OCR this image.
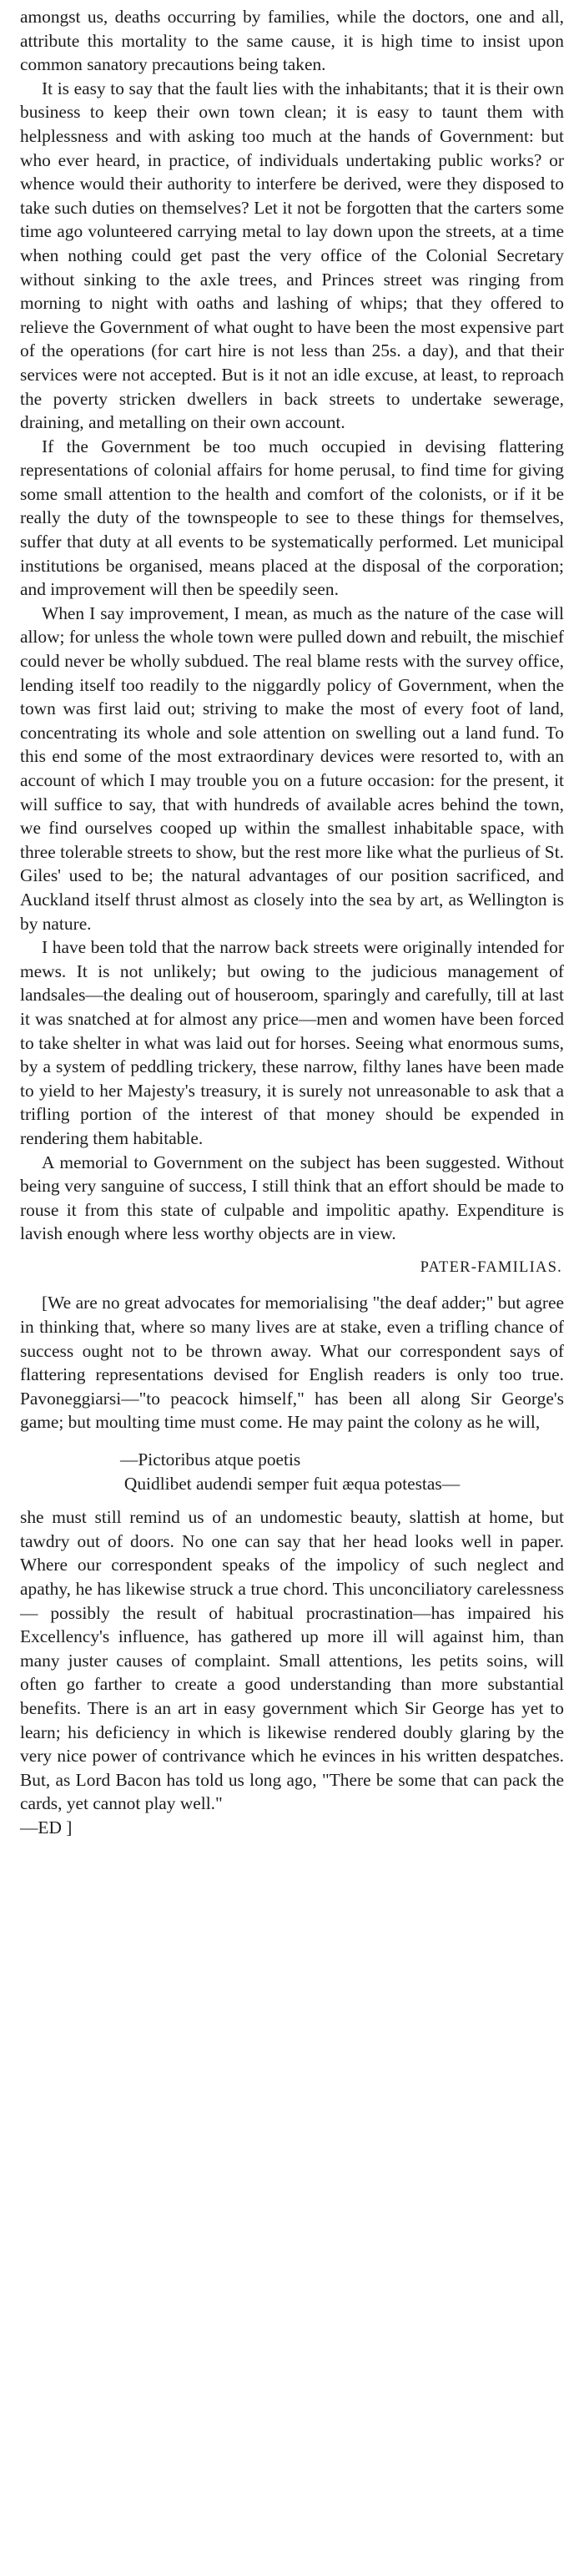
amongst us, deaths occurring by families, while the doctors, one and all, attribute this mortality to the same cause, it is high time to insist upon common sanatory precautions being taken.

It is easy to say that the fault lies with the inhabitants; that it is their own business to keep their own town clean; it is easy to taunt them with helplessness and with asking too much at the hands of Government: but who ever heard, in practice, of individuals undertaking public works? or whence would their authority to interfere be derived, were they disposed to take such duties on themselves? Let it not be forgotten that the carters some time ago volunteered carrying metal to lay down upon the streets, at a time when nothing could get past the very office of the Colonial Secretary without sinking to the axle trees, and Princes street was ringing from morning to night with oaths and lashing of whips; that they offered to relieve the Government of what ought to have been the most expensive part of the operations (for cart hire is not less than 25s. a day), and that their services were not accepted. But is it not an idle excuse, at least, to reproach the poverty stricken dwellers in back streets to undertake sewerage, draining, and metalling on their own account.

If the Government be too much occupied in devising flattering representations of colonial affairs for home perusal, to find time for giving some small attention to the health and comfort of the colonists, or if it be really the duty of the townspeople to see to these things for themselves, suffer that duty at all events to be systematically performed. Let municipal institutions be organised, means placed at the disposal of the corporation; and improvement will then be speedily seen.

When I say improvement, I mean, as much as the nature of the case will allow; for unless the whole town were pulled down and rebuilt, the mischief could never be wholly subdued. The real blame rests with the survey office, lending itself too readily to the niggardly policy of Government, when the town was first laid out; striving to make the most of every foot of land, concentrating its whole and sole attention on swelling out a land fund. To this end some of the most extraordinary devices were resorted to, with an account of which I may trouble you on a future occasion: for the present, it will suffice to say, that with hundreds of available acres behind the town, we find ourselves cooped up within the smallest inhabitable space, with three tolerable streets to show, but the rest more like what the purlieus of St. Giles' used to be; the natural advantages of our position sacrificed, and Auckland itself thrust almost as closely into the sea by art, as Wellington is by nature.

I have been told that the narrow back streets were originally intended for mews. It is not unlikely; but owing to the judicious management of landsales—the dealing out of houseroom, sparingly and carefully, till at last it was snatched at for almost any price—men and women have been forced to take shelter in what was laid out for horses. Seeing what enormous sums, by a system of peddling trickery, these narrow, filthy lanes have been made to yield to her Majesty's treasury, it is surely not unreasonable to ask that a trifling portion of the interest of that money should be expended in rendering them habitable.

A memorial to Government on the subject has been suggested. Without being very sanguine of success, I still think that an effort should be made to rouse it from this state of culpable and impolitic apathy. Expenditure is lavish enough where less worthy objects are in view.

PATER-FAMILIAS.

[We are no great advocates for memorialising "the deaf adder;" but agree in thinking that, where so many lives are at stake, even a trifling chance of success ought not to be thrown away. What our correspondent says of flattering representations devised for English readers is only too true. Pavoneggiarsi—"to peacock himself," has been all along Sir George's game; but moulting time must come. He may paint the colony as he will,

—Pictoribus atque poetis

Quidlibet audendi semper fuit æqua potestas—

she must still remind us of an undomestic beauty, slattish at home, but tawdry out of doors. No one can say that her head looks well in paper. Where our correspondent speaks of the impolicy of such neglect and apathy, he has likewise struck a true chord. This unconciliatory carelessness — possibly the result of habitual procrastination—has impaired his Excellency's influence, has gathered up more ill will against him, than many juster causes of complaint. Small attentions, les petits soins, will often go farther to create a good understanding than more substantial benefits. There is an art in easy government which Sir George has yet to learn; his deficiency in which is likewise rendered doubly glaring by the very nice power of contrivance which he evinces in his written despatches. But, as Lord Bacon has told us long ago, "There be some that can pack the cards, yet cannot play well."

—ED ]
